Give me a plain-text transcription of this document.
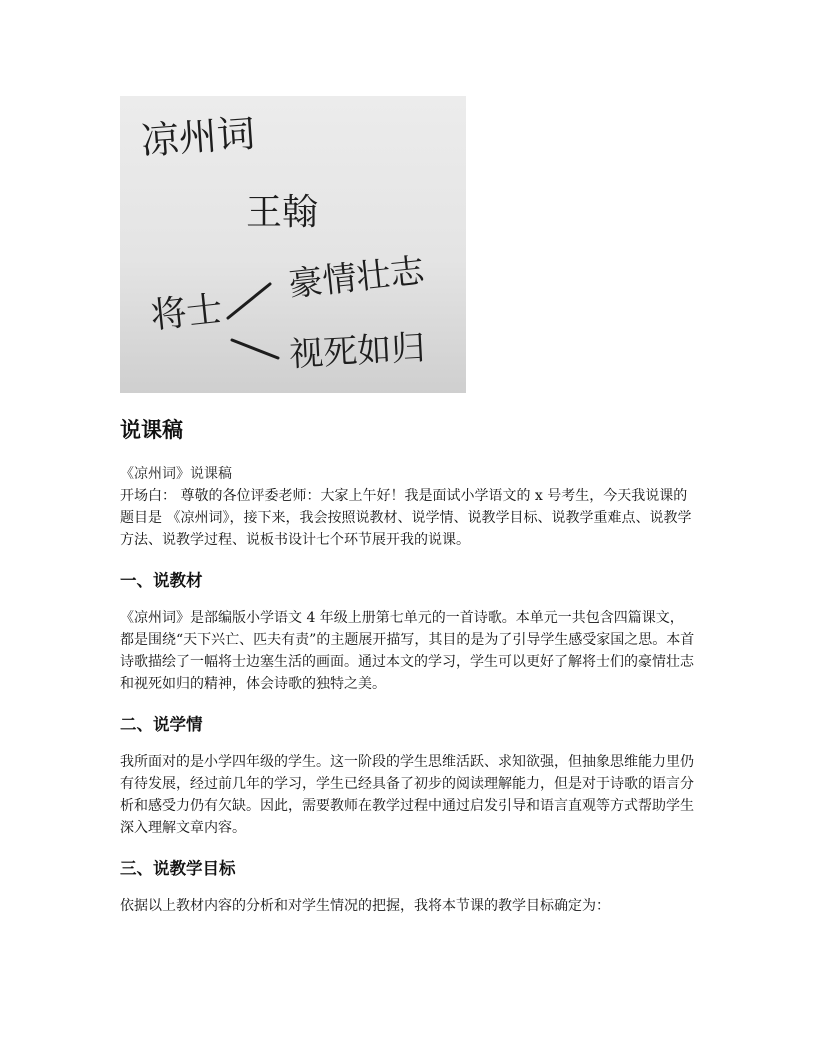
凉州词
王翰
将士
豪情壮志
视死如归
说课稿
《凉州词》说课稿

开场白： 尊敬的各位评委老师：大家上午好！我是面试小学语文的 x 号考生，今天我说课的题目是 《凉州词》，接下来，我会按照说教材、说学情、说教学目标、说教学重难点、说教学方法、说教学过程、说板书设计七个环节展开我的说课。

一、说教材

《凉州词》是部编版小学语文 4 年级上册第七单元的一首诗歌。本单元一共包含四篇课文，都是围绕“天下兴亡、匹夫有责”的主题展开描写，其目的是为了引导学生感受家国之思。本首诗歌描绘了一幅将士边塞生活的画面。通过本文的学习，学生可以更好了解将士们的豪情壮志和视死如归的精神，体会诗歌的独特之美。

二、说学情

我所面对的是小学四年级的学生。这一阶段的学生思维活跃、求知欲强，但抽象思维能力里仍有待发展，经过前几年的学习，学生已经具备了初步的阅读理解能力，但是对于诗歌的语言分析和感受力仍有欠缺。因此，需要教师在教学过程中通过启发引导和语言直观等方式帮助学生深入理解文章内容。

三、说教学目标

依据以上教材内容的分析和对学生情况的把握，我将本节课的教学目标确定为：
